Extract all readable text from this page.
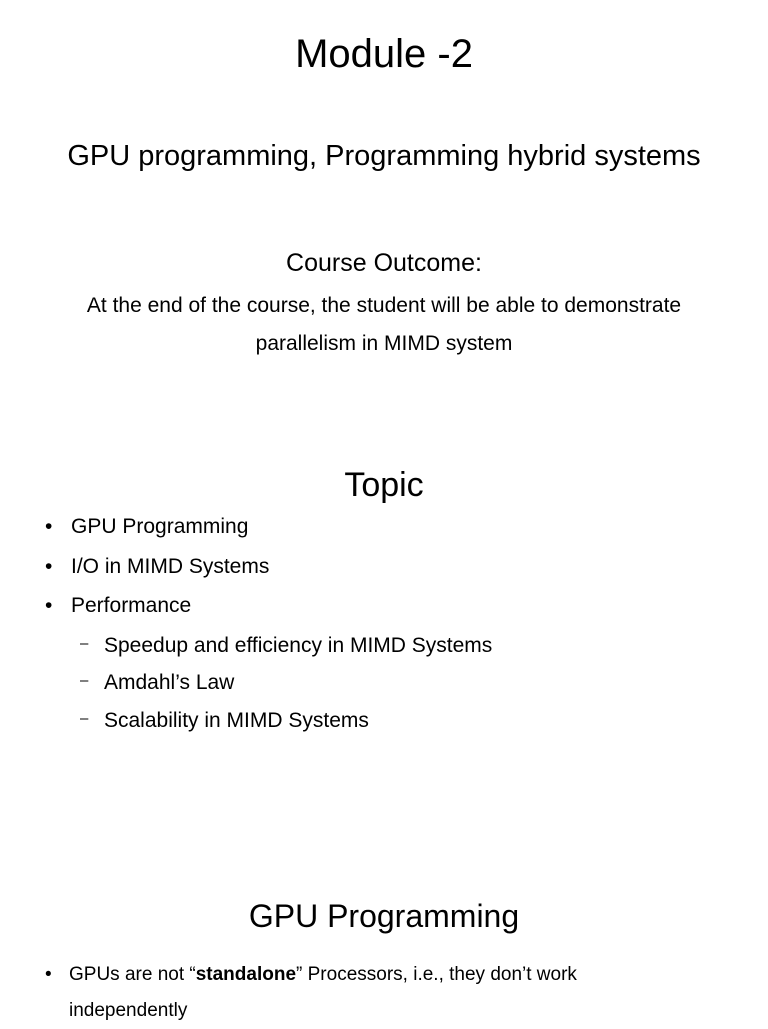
Module -2
GPU programming, Programming hybrid systems
Course Outcome:

At the end of the course, the student will be able to demonstrate parallelism in MIMD system

Topic
• GPU Programming
• I/O in MIMD Systems
• Performance
– Speedup and efficiency in MIMD Systems
– Amdahl’s Law
– Scalability in MIMD Systems
GPU Programming
• GPUs are not “standalone” Processors, i.e., they don’t work independently
